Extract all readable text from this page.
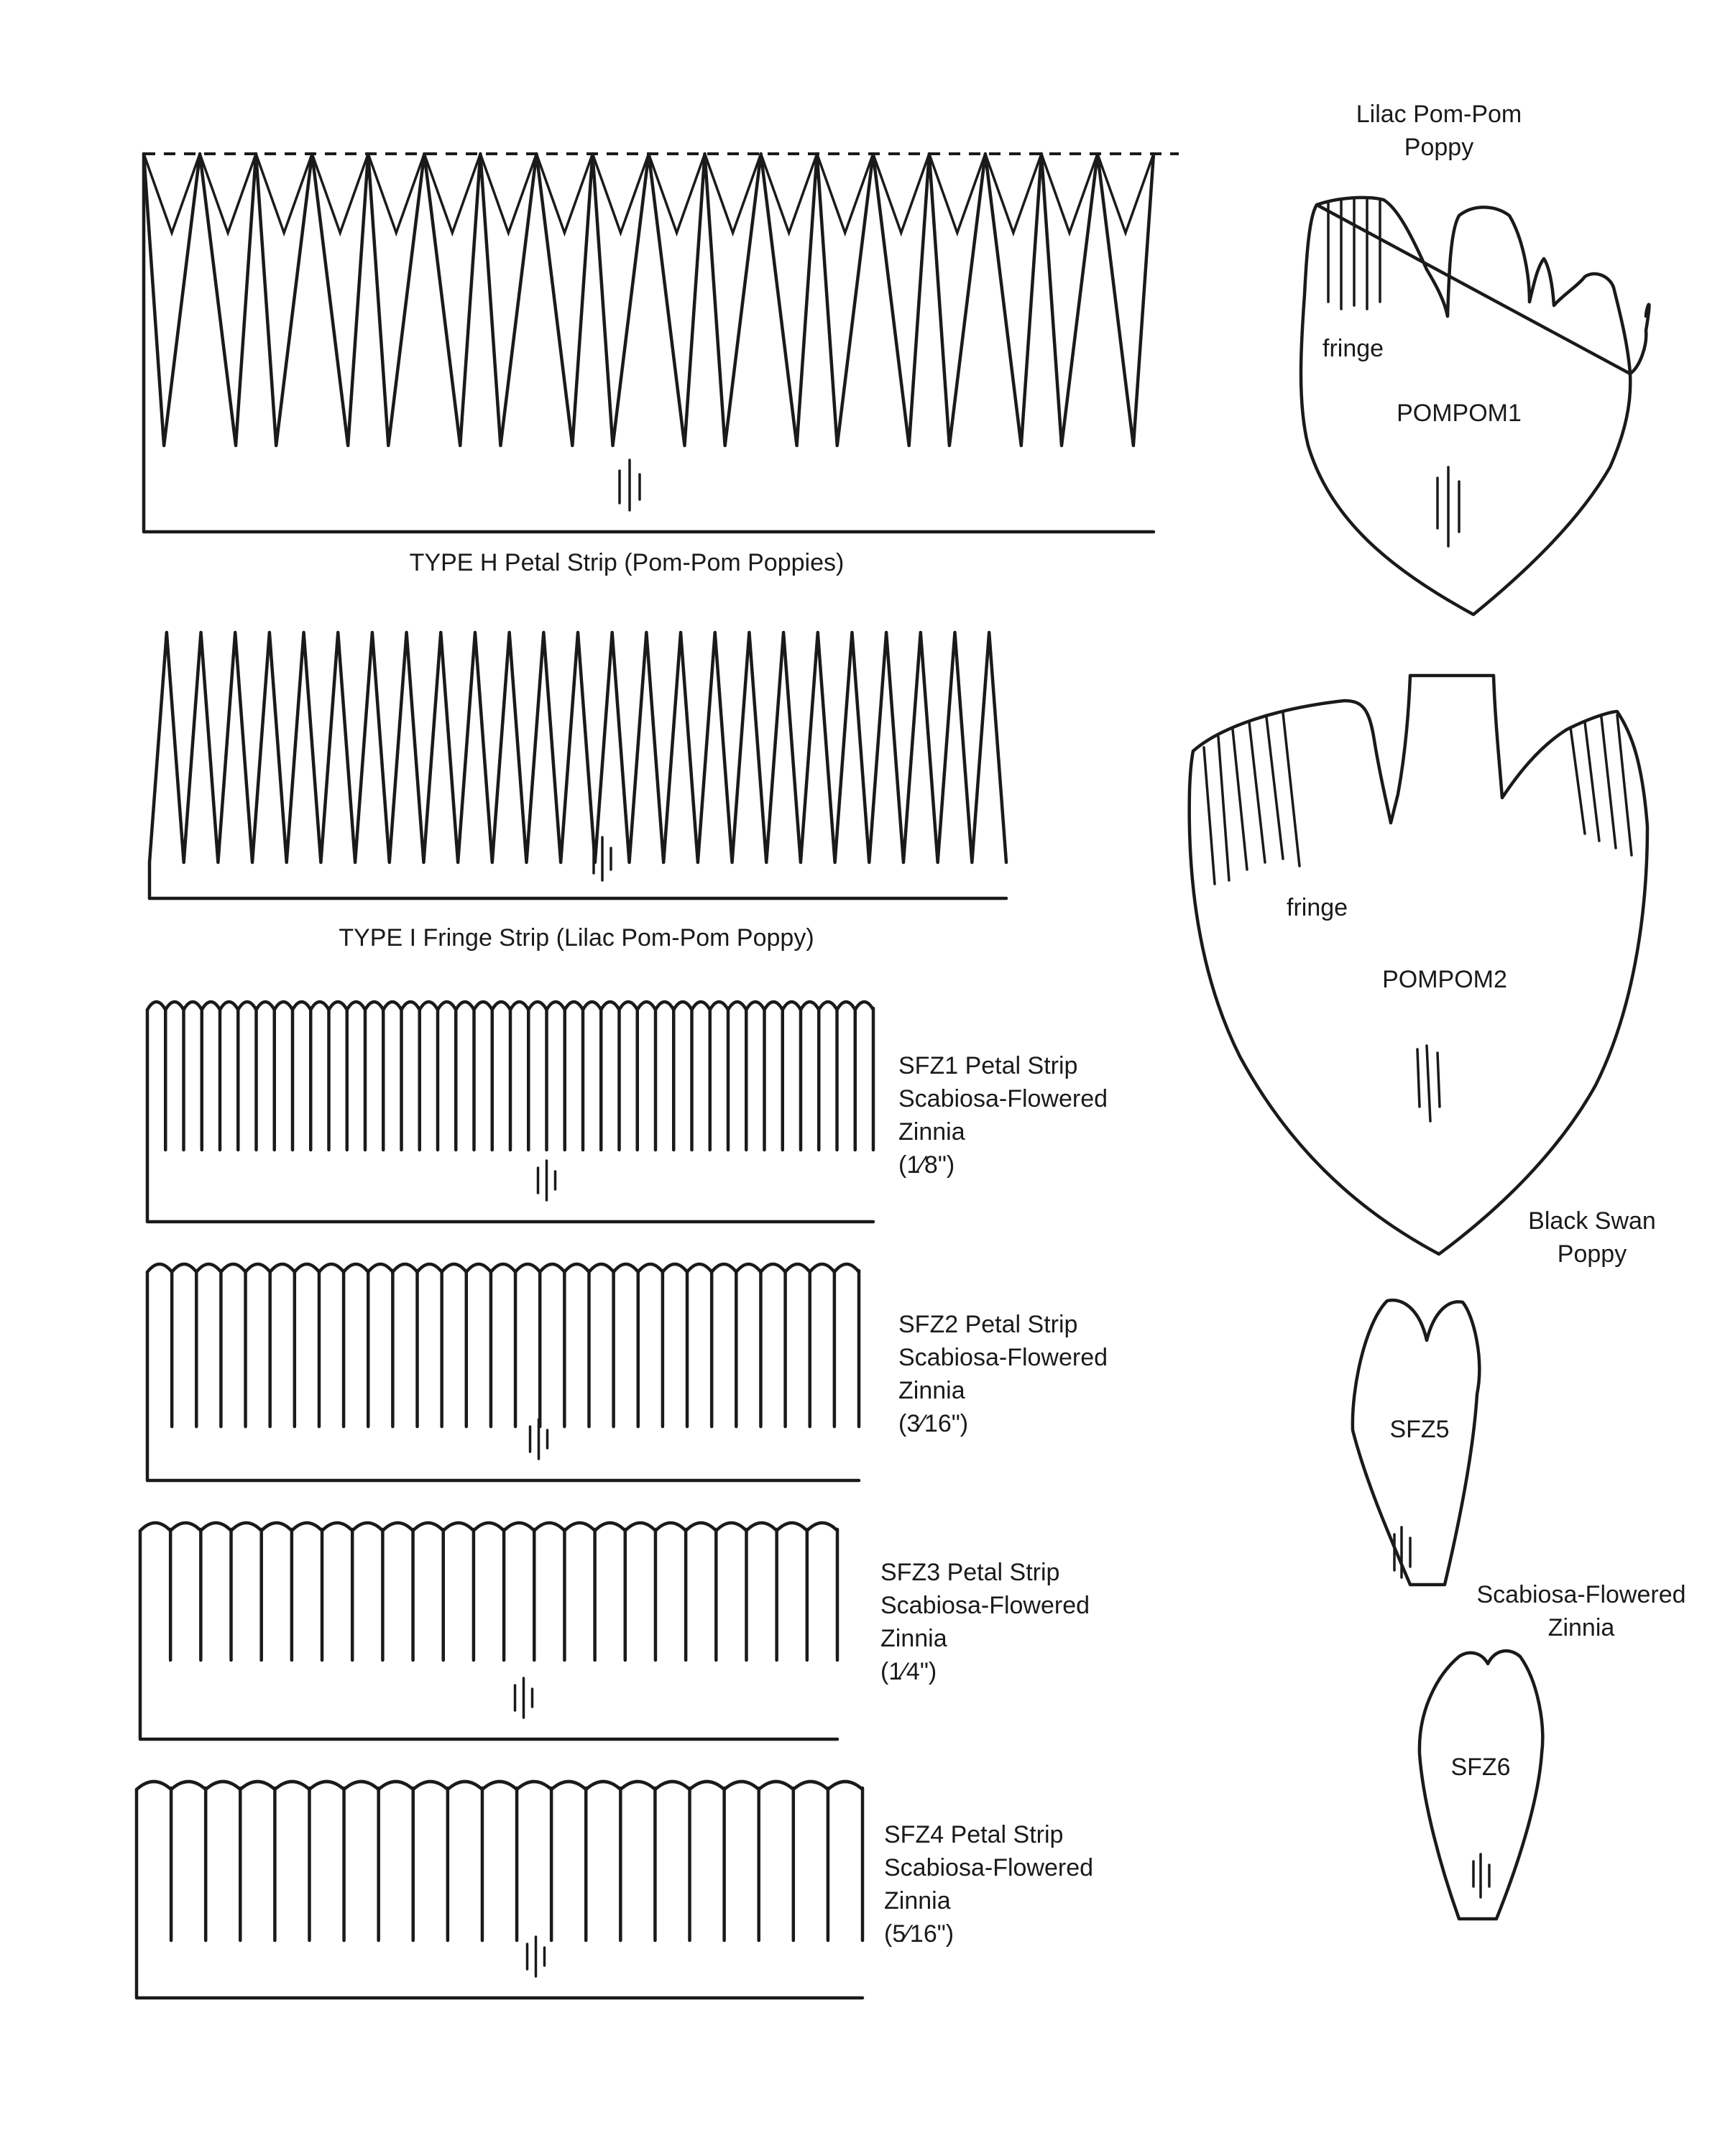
TYPE H Petal Strip (Pom-Pom Poppies)
TYPE I Fringe Strip (Lilac Pom-Pom Poppy)
SFZ1 Petal Strip
Scabiosa-Flowered
Zinnia
(1⁄8")
SFZ2 Petal Strip
Scabiosa-Flowered
Zinnia
(3⁄16")
SFZ3 Petal Strip
Scabiosa-Flowered
Zinnia
(1⁄4")
SFZ4 Petal Strip
Scabiosa-Flowered
Zinnia
(5⁄16")
Lilac Pom-Pom
Poppy
fringe
POMPOM1
fringe
POMPOM2
Black Swan
Poppy
SFZ5
Scabiosa-Flowered
Zinnia
SFZ6
